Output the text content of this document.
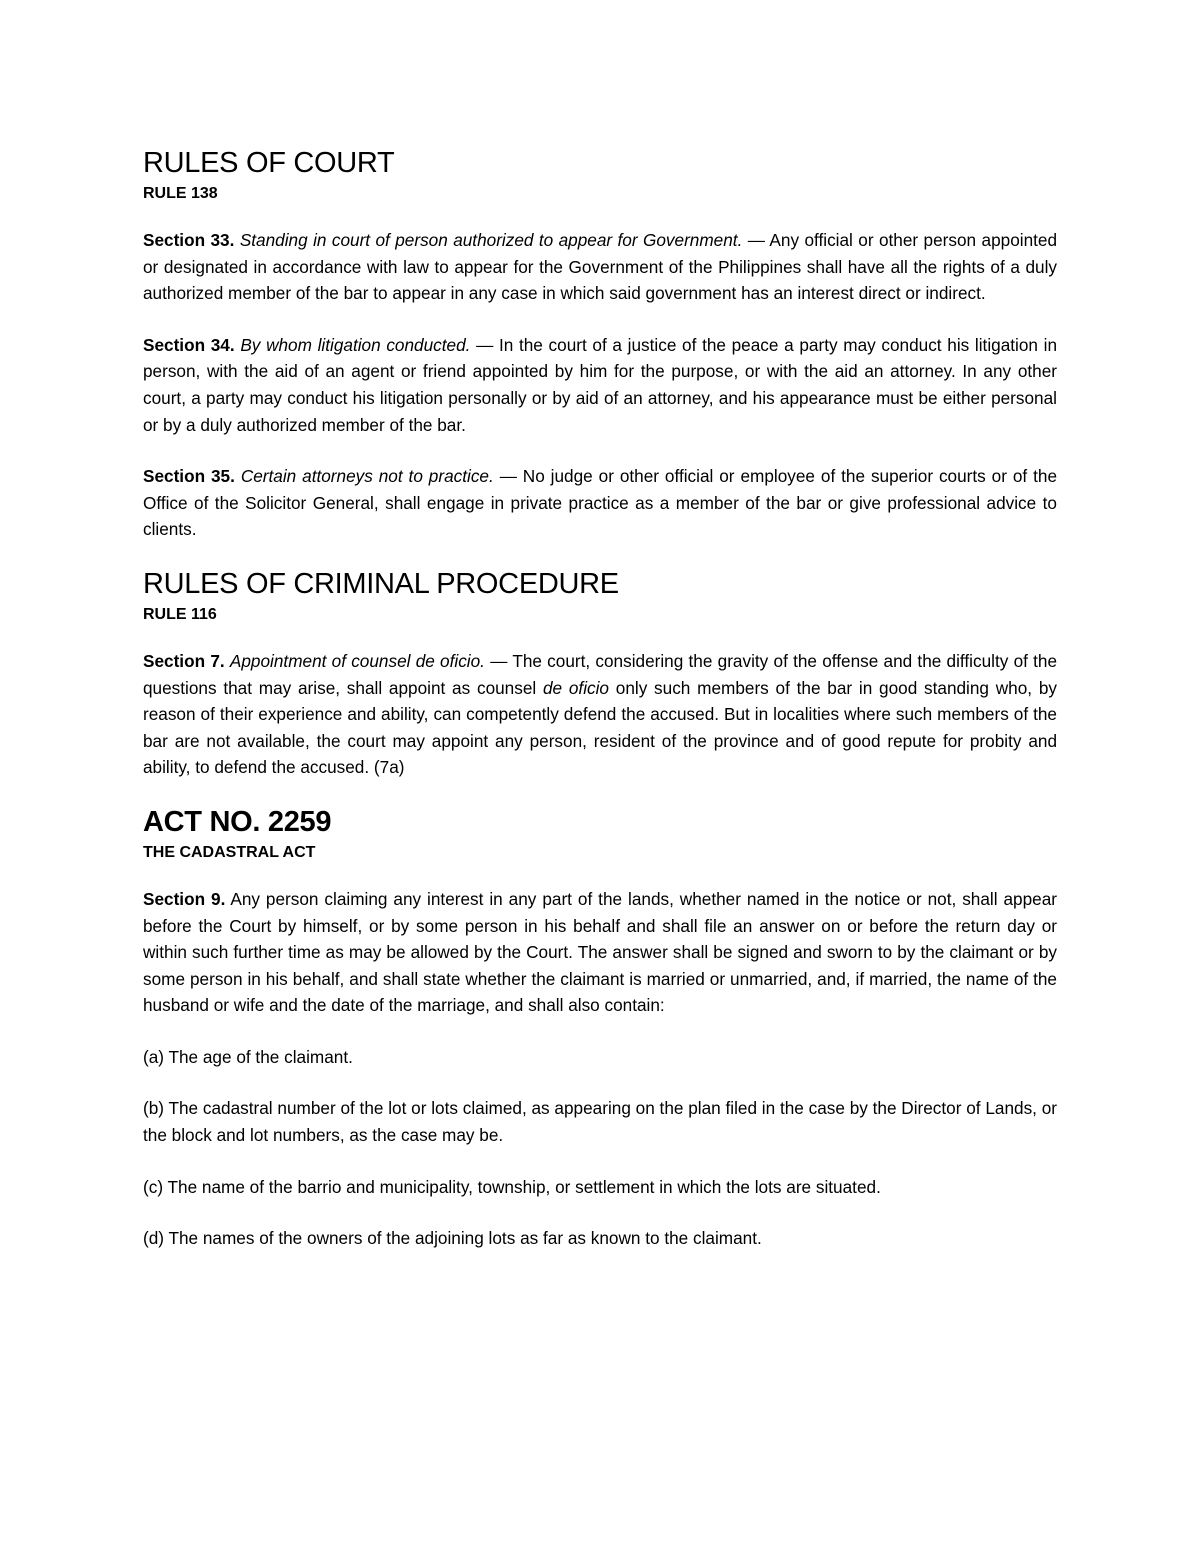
RULES OF COURT
RULE 138

Section 33. Standing in court of person authorized to appear for Government. — Any official or other person appointed or designated in accordance with law to appear for the Government of the Philippines shall have all the rights of a duly authorized member of the bar to appear in any case in which said government has an interest direct or indirect.

Section 34. By whom litigation conducted. — In the court of a justice of the peace a party may conduct his litigation in person, with the aid of an agent or friend appointed by him for the purpose, or with the aid an attorney. In any other court, a party may conduct his litigation personally or by aid of an attorney, and his appearance must be either personal or by a duly authorized member of the bar.

Section 35. Certain attorneys not to practice. — No judge or other official or employee of the superior courts or of the Office of the Solicitor General, shall engage in private practice as a member of the bar or give professional advice to clients.

RULES OF CRIMINAL PROCEDURE
RULE 116

Section 7. Appointment of counsel de oficio. — The court, considering the gravity of the offense and the difficulty of the questions that may arise, shall appoint as counsel de oficio only such members of the bar in good standing who, by reason of their experience and ability, can competently defend the accused. But in localities where such members of the bar are not available, the court may appoint any person, resident of the province and of good repute for probity and ability, to defend the accused. (7a)

ACT NO. 2259
THE CADASTRAL ACT

Section 9. Any person claiming any interest in any part of the lands, whether named in the notice or not, shall appear before the Court by himself, or by some person in his behalf and shall file an answer on or before the return day or within such further time as may be allowed by the Court. The answer shall be signed and sworn to by the claimant or by some person in his behalf, and shall state whether the claimant is married or unmarried, and, if married, the name of the husband or wife and the date of the marriage, and shall also contain:

(a) The age of the claimant.

(b) The cadastral number of the lot or lots claimed, as appearing on the plan filed in the case by the Director of Lands, or the block and lot numbers, as the case may be.

(c) The name of the barrio and municipality, township, or settlement in which the lots are situated.

(d) The names of the owners of the adjoining lots as far as known to the claimant.
